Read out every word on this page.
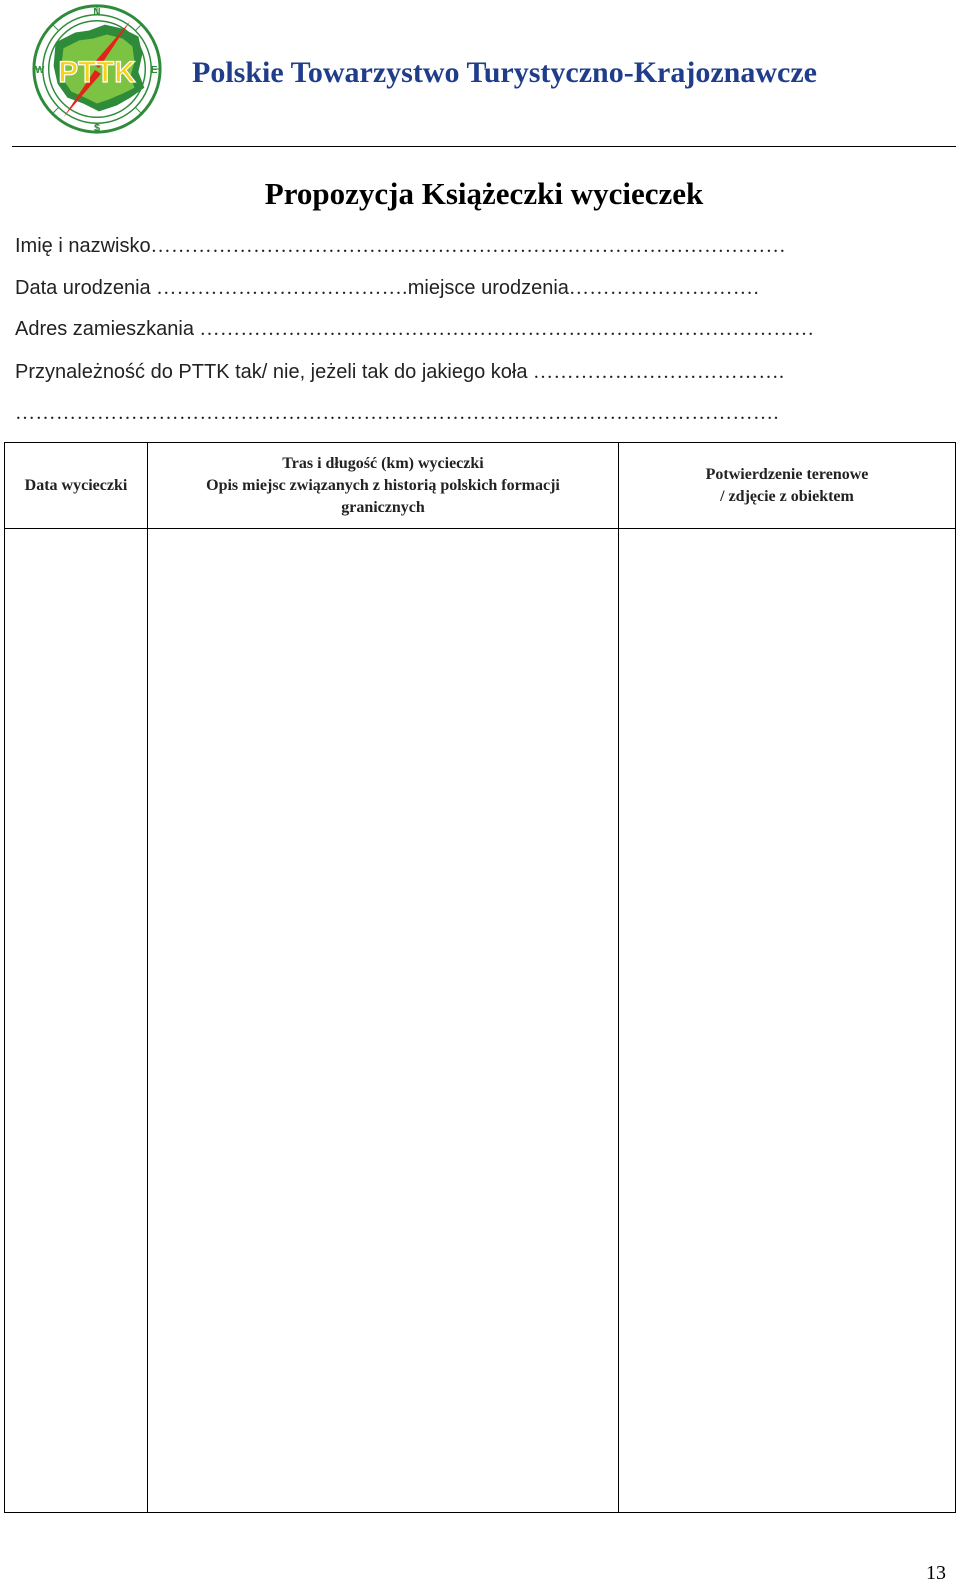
PTTK
N
E
S
W	Polskie Towarzystwo Turystyczno-Krajoznawcze
Propozycja Książeczki wycieczek
Imię i nazwisko…………………………………………………………………………………
Data urodzenia ……………………………….miejsce urodzenia……………………….
Adres zamieszkania ………………………………………………………………………………
Przynależność do PTTK tak/ nie, jeżeli tak do jakiego koła ……………………………….
………………………………………………………………………………………………….
Data wycieczki
Tras i długość (km) wycieczki
Opis miejsc związanych z historią polskich formacji
granicznych
Potwierdzenie terenowe
/ zdjęcie z obiektem
13
